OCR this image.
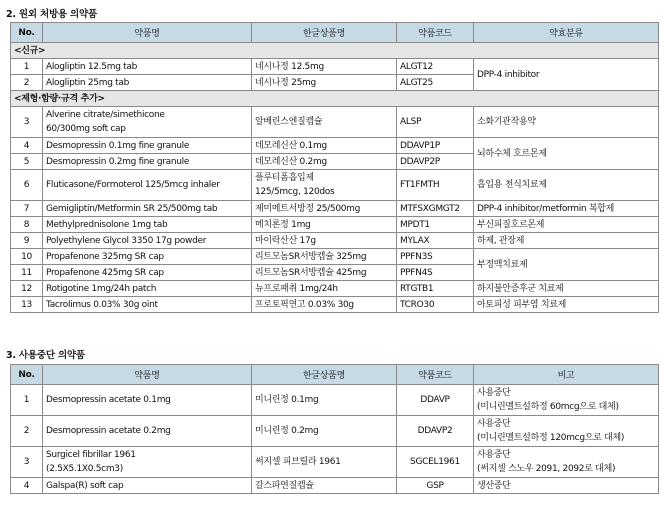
2. 원외 처방용 의약품
No.	약품명	한글상품명	약품코드	약효분류
<신규>				
1	Alogliptin 12.5mg tab	네시나정 12.5mg	ALGT12	DPP-4 inhibitor
2	Alogliptin 25mg tab	네시나정 25mg	ALGT25	
<제형·함량·규격 추가>				
3	Alverine citrate/simethicone
60/300mg soft cap	알베린스엔질캡슐	ALSP	소화기관작용약
4	Desmopressin 0.1mg fine granule	데모레신산 0.1mg	DDAVP1P	뇌하수체 호르몬제
5	Desmopressin 0.2mg fine granule	데모레신산 0.2mg	DDAVP2P	
6	Fluticasone/Formoterol 125/5mcg inhaler	플루티폼흡입제
125/5mcg, 120dos	FT1FMTH	흡입용 천식치료제
7	Gemigliptin/Metformin SR 25/500mg tab	제미메트서방정 25/500mg	MTFSXGMGT2	DPP-4 inhibitor/metformin 복합제
8	Methylprednisolone 1mg tab	메치론정 1mg	MPDT1	부신피질호르몬제
9	Polyethylene Glycol 3350 17g powder	마이락산산 17g	MYLAX	하제, 관장제
10	Propafenone 325mg SR cap	리트모놈SR서방캡슐 325mg	PPFN3S	부정맥치료제
11	Propafenone 425mg SR cap	리트모놈SR서방캡슐 425mg	PPFN4S	
12	Rotigotine 1mg/24h patch	뉴프로패취 1mg/24h	RTGTB1	하지불안증후군 치료제
13	Tacrolimus 0.03% 30g oint	프로토픽연고 0.03% 30g	TCRO30	아토피성 피부염 치료제
3. 사용중단 의약품
No.	약품명	한글상품명	약품코드	비고
1	Desmopressin acetate 0.1mg	미니린정 0.1mg	DDAVP	사용중단
(미니린멜트설하정 60mcg으로 대체)

2	Desmopressin acetate 0.2mg	미니린정 0.2mg	DDAVP2	사용중단
(미니린멜트설하정 120mcg으로 대체)

3	Surgicel fibrillar 1961
(2.5X5.1X0.5cm3)	써지셀 피브릴라 1961	SGCEL1961	사용중단
(써지셀 스노우 2091, 2092로 대체)

4	Galspa(R) soft cap	갈스파연질캡슐	GSP	생산중단
